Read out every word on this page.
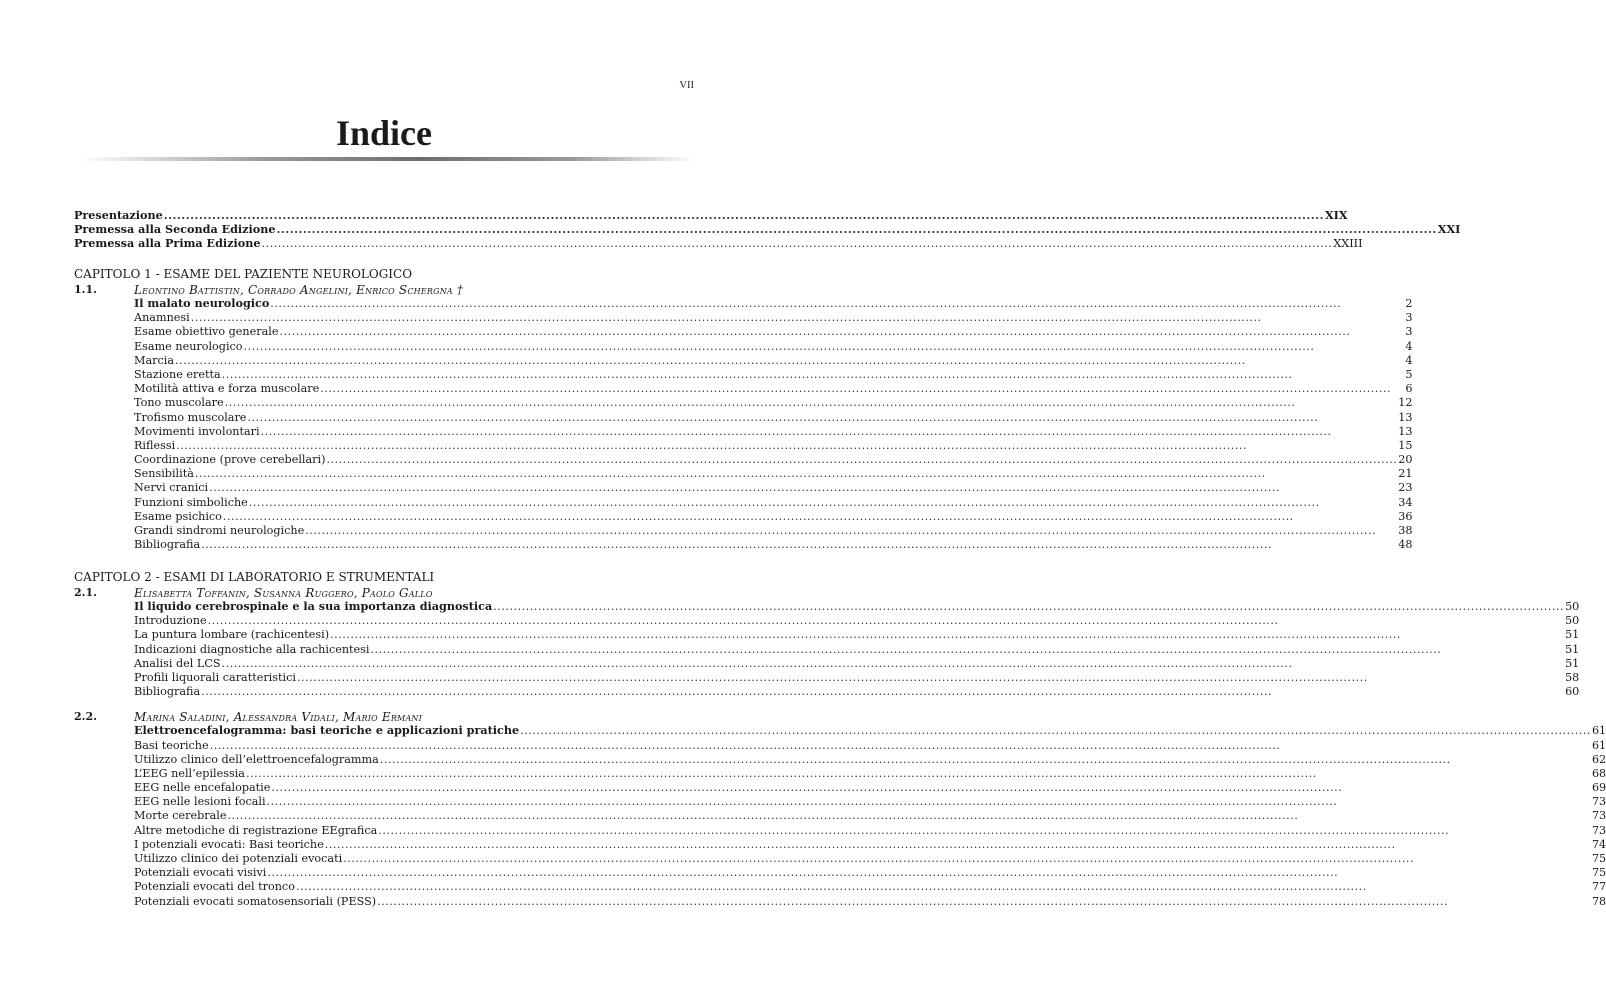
VII
Indice
Presentazione .....	XIX
Premessa alla Seconda Edizione .....	XXI
Premessa alla Prima Edizione .....	XXIII
CAPITOLO 1 - ESAME DEL PAZIENTE NEUROLOGICO
1.1.	Leontino Battistin, Corrado Angelini, Enrico Schergna †
Il malato neurologico .....	2
Anamnesi .....	3
Esame obiettivo generale .....	3
Esame neurologico .....	4
Marcia .....	4
Stazione eretta .....	5
Motilità attiva e forza muscolare .....	6
Tono muscolare .....	12
Trofismo muscolare .....	13
Movimenti involontari .....	13
Riflessi .....	15
Coordinazione (prove cerebellari) .....	20
Sensibilità .....	21
Nervi cranici .....	23
Funzioni simboliche .....	34
Esame psichico .....	36
Grandi sindromi neurologiche .....	38
Bibliografia .....	48
CAPITOLO 2 - ESAMI DI LABORATORIO E STRUMENTALI
2.1.	Elisabetta Toffanin, Susanna Ruggero, Paolo Gallo
Il liquido cerebrospinale e la sua importanza diagnostica .....	50
Introduzione .....	50
La puntura lombare (rachicentesi) .....	51
Indicazioni diagnostiche alla rachicentesi .....	51
Analisi del LCS .....	51
Profili liquorali caratteristici .....	58
Bibliografia .....	60
2.2.	Marina Saladini, Alessandra Vidali, Mario Ermani
Elettroencefalogramma: basi teoriche e applicazioni pratiche .....	61
Basi teoriche .....	61
Utilizzo clinico dell’elettroencefalogramma .....	62
L’EEG nell’epilessia .....	68
EEG nelle encefalopatie .....	69
EEG nelle lesioni focali .....	73
Morte cerebrale .....	73
Altre metodiche di registrazione EEgrafica .....	73
I potenziali evocati: Basi teoriche .....	74
Utilizzo clinico dei potenziali evocati .....	75
Potenziali evocati visivi .....	75
Potenziali evocati del tronco .....	77
Potenziali evocati somatosensoriali (PESS) .....	78
